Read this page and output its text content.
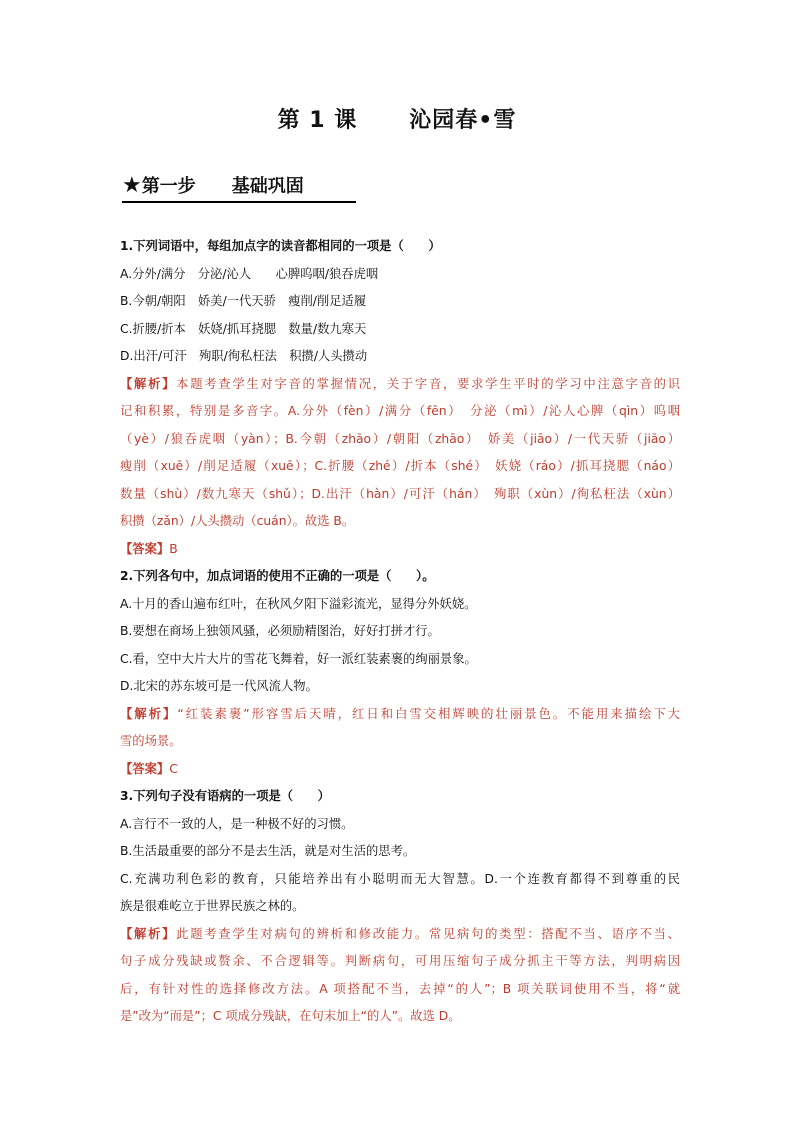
第 1 课 沁园春•雪
★第一步 基础巩固
1.下列词语中，每组加点字的读音都相同的一项是（　　）
A.分外/满分　分泌/沁人　　心脾呜咽/狼吞虎咽
B.今朝/朝阳　娇美/一代天骄　瘦削/削足适履
C.折腰/折本　妖娆/抓耳挠腮　数量/数九寒天
D.出汗/可汗　殉职/徇私枉法　积攒/人头攒动
【解析】本题考查学生对字音的掌握情况，关于字音，要求学生平时的学习中注意字音的识
记和积累，特别是多音字。A.分外（fèn）/满分（fēn）　分泌（mì）/沁人心脾（qìn）呜咽
（yè）/狼吞虎咽（yàn）；B.今朝（zhāo）/朝阳（zhāo）　娇美（jiāo）/一代天骄（jiāo）
瘦削（xuē）/削足适履（xuē）；C.折腰（zhé）/折本（shé）　妖娆（ráo）/抓耳挠腮（náo）
数量（shù）/数九寒天（shǔ）；D.出汗（hàn）/可汗（hán）　殉职（xùn）/徇私枉法（xùn）
积攒（zǎn）/人头攒动（cuán）。故选 B。
【答案】B
2.下列各句中，加点词语的使用不正确的一项是（　　）。
A.十月的香山遍布红叶，在秋风夕阳下溢彩流光，显得分外妖娆。
B.要想在商场上独领风骚，必须励精图治，好好打拼才行。
C.看，空中大片大片的雪花飞舞着，好一派红装素裹的绚丽景象。
D.北宋的苏东坡可是一代风流人物。
【解析】“红装素裹”形容雪后天晴，红日和白雪交相辉映的壮丽景色。不能用来描绘下大
雪的场景。
【答案】C
3.下列句子没有语病的一项是（　　）
A.言行不一致的人，是一种极不好的习惯。
B.生活最重要的部分不是去生活，就是对生活的思考。
C.充满功利色彩的教育，只能培养出有小聪明而无大智慧。D.一个连教育都得不到尊重的民
族是很难屹立于世界民族之林的。
【解析】此题考查学生对病句的辨析和修改能力。常见病句的类型：搭配不当、语序不当、
句子成分残缺或赘余、不合逻辑等。判断病句，可用压缩句子成分抓主干等方法，判明病因
后，有针对性的选择修改方法。A 项搭配不当，去掉“的人”；B 项关联词使用不当，将“就
是”改为“而是”；C 项成分残缺，在句末加上“的人”。故选 D。
